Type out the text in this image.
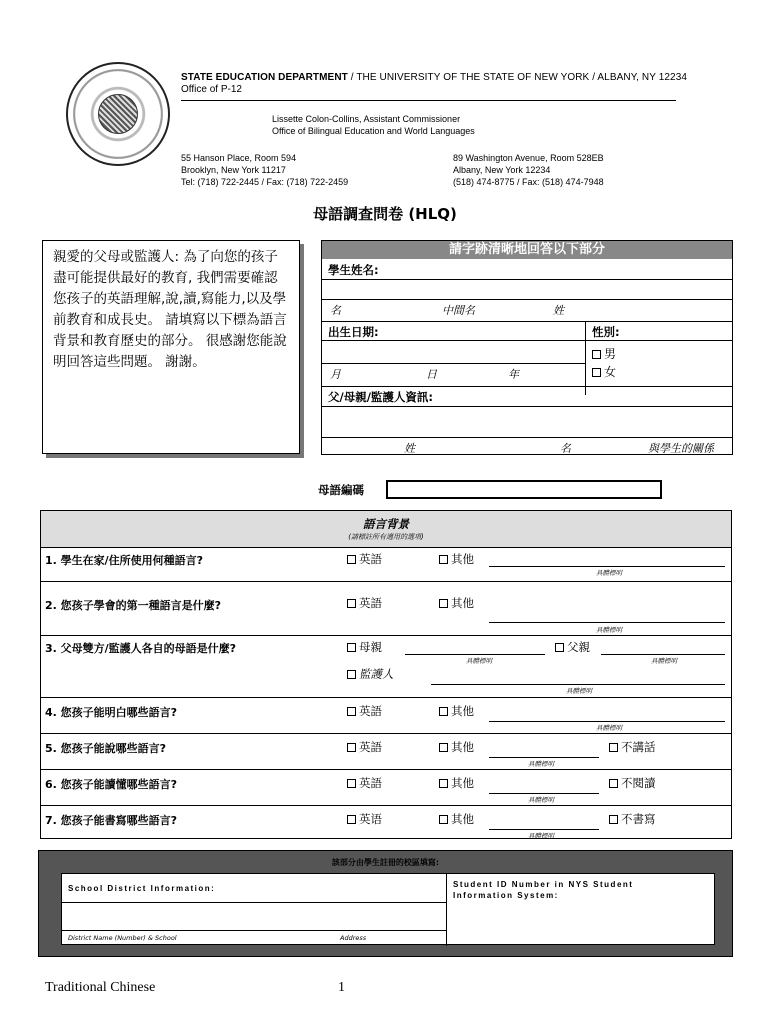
STATE EDUCATION DEPARTMENT / THE UNIVERSITY OF THE STATE OF NEW YORK / ALBANY, NY 12234
Office of P-12
Lissette Colon-Collins, Assistant Commissioner
Office of Bilingual Education and World Languages
55 Hanson Place, Room 594
Brooklyn, New York 11217
Tel: (718) 722-2445 / Fax: (718) 722-2459
89 Washington Avenue, Room 528EB
Albany, New York 12234
(518) 474-8775 / Fax: (518) 474-7948
母語調查問卷 (HLQ)
親愛的父母或監護人: 為了向您的孩子盡可能提供最好的教育, 我們需要確認您孩子的英語理解,說,讀,寫能力,以及學前教育和成長史。 請填寫以下標為語言背景和教育歷史的部分。 很感謝您能說明回答這些問題。 謝謝。
請字跡清晰地回答以下部分
學生姓名:
名	中間名	姓
出生日期:	性別:
月	日	年
男
女
父/母親/監護人資訊:
姓	名	與學生的關係
母語編碼
語言背景
(請標註所有適用的選項)
1. 學生在家/住所使用何種語言?	英語	其他
具體標明
2. 您孩子學會的第一種語言是什麼?	英語	其他
具體標明
3. 父母雙方/監護人各自的母語是什麼?	母親
具體標明
父親
具體標明
監護人
具體標明
4. 您孩子能明白哪些語言?	英語	其他
具體標明
5. 您孩子能說哪些語言?	英語	其他
具體標明
不講話
6. 您孩子能讀懂哪些語言?	英語	其他
具體標明
不閱讀
7. 您孩子能書寫哪些語言?	英语	其他
具體標明
不書寫
該部分由學生註冊的校區填寫:
School District Information:	Student ID Number in NYS Student Information System:
District Name (Number) & School	Address
Traditional Chinese	1
